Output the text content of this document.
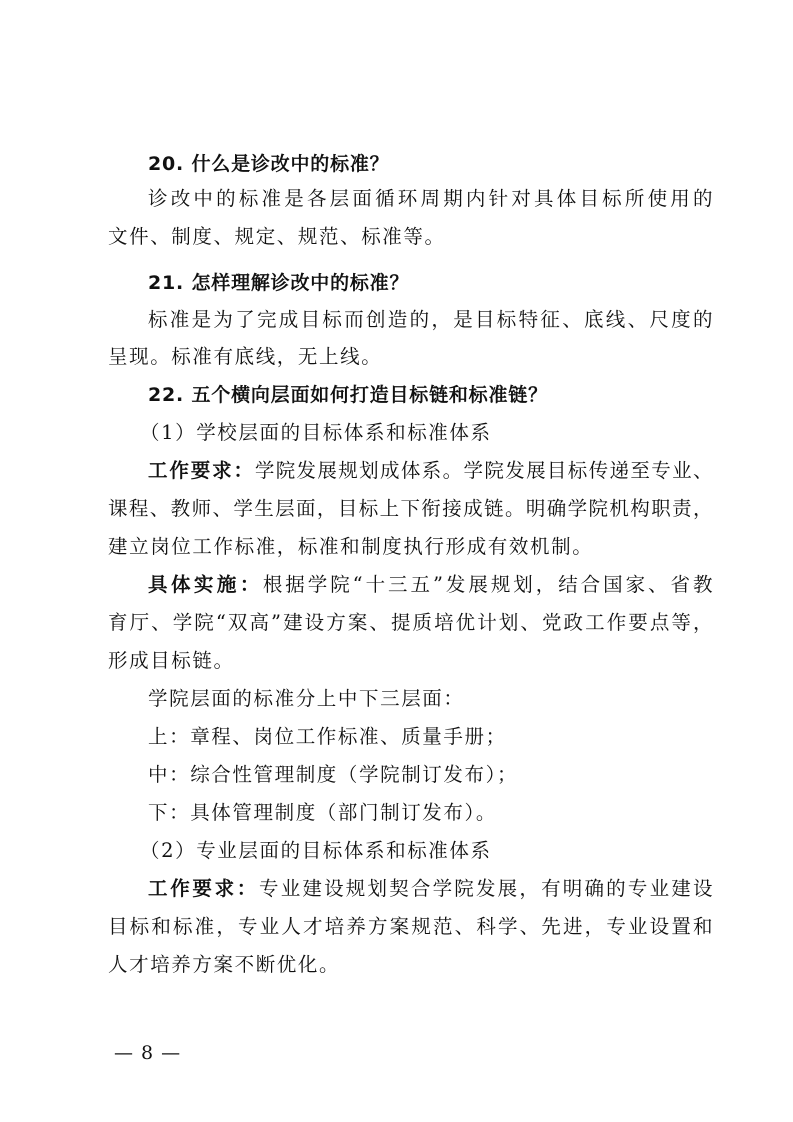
20. 什么是诊改中的标准？
诊改中的标准是各层面循环周期内针对具体目标所使用的
文件、制度、规定、规范、标准等。
21. 怎样理解诊改中的标准？
标准是为了完成目标而创造的，是目标特征、底线、尺度的
呈现。标准有底线，无上线。
22. 五个横向层面如何打造目标链和标准链？
（1）学校层面的目标体系和标准体系
工作要求：学院发展规划成体系。学院发展目标传递至专业、
课程、教师、学生层面，目标上下衔接成链。明确学院机构职责，
建立岗位工作标准，标准和制度执行形成有效机制。
具体实施：根据学院“十三五”发展规划，结合国家、省教
育厅、学院“双高”建设方案、提质培优计划、党政工作要点等，
形成目标链。
学院层面的标准分上中下三层面：
上：章程、岗位工作标准、质量手册；
中：综合性管理制度（学院制订发布）；
下：具体管理制度（部门制订发布）。
（2）专业层面的目标体系和标准体系
工作要求：专业建设规划契合学院发展，有明确的专业建设
目标和标准，专业人才培养方案规范、科学、先进，专业设置和
人才培养方案不断优化。
— 8 —
